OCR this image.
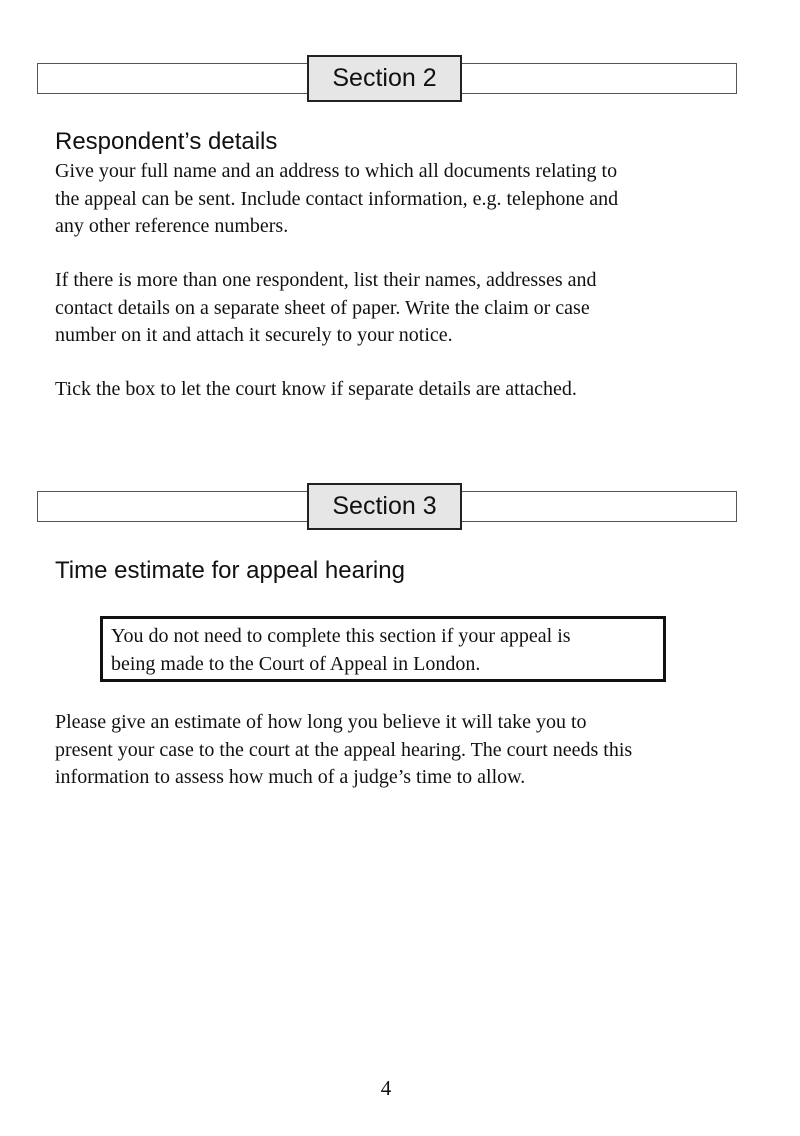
Section 2
Respondent’s details

Give your full name and an address to which all documents relating to
the appeal can be sent. Include contact information, e.g. telephone and
any other reference numbers.

If there is more than one respondent, list their names, addresses and
contact details on a separate sheet of paper. Write the claim or case
number on it and attach it securely to your notice.

Tick the box to let the court know if separate details are attached.

Section 3
Time estimate for appeal hearing
You do not need to complete this section if your appeal is
being made to the Court of Appeal in London.

Please give an estimate of how long you believe it will take you to
present your case to the court at the appeal hearing. The court needs this
information to assess how much of a judge’s time to allow.

4
